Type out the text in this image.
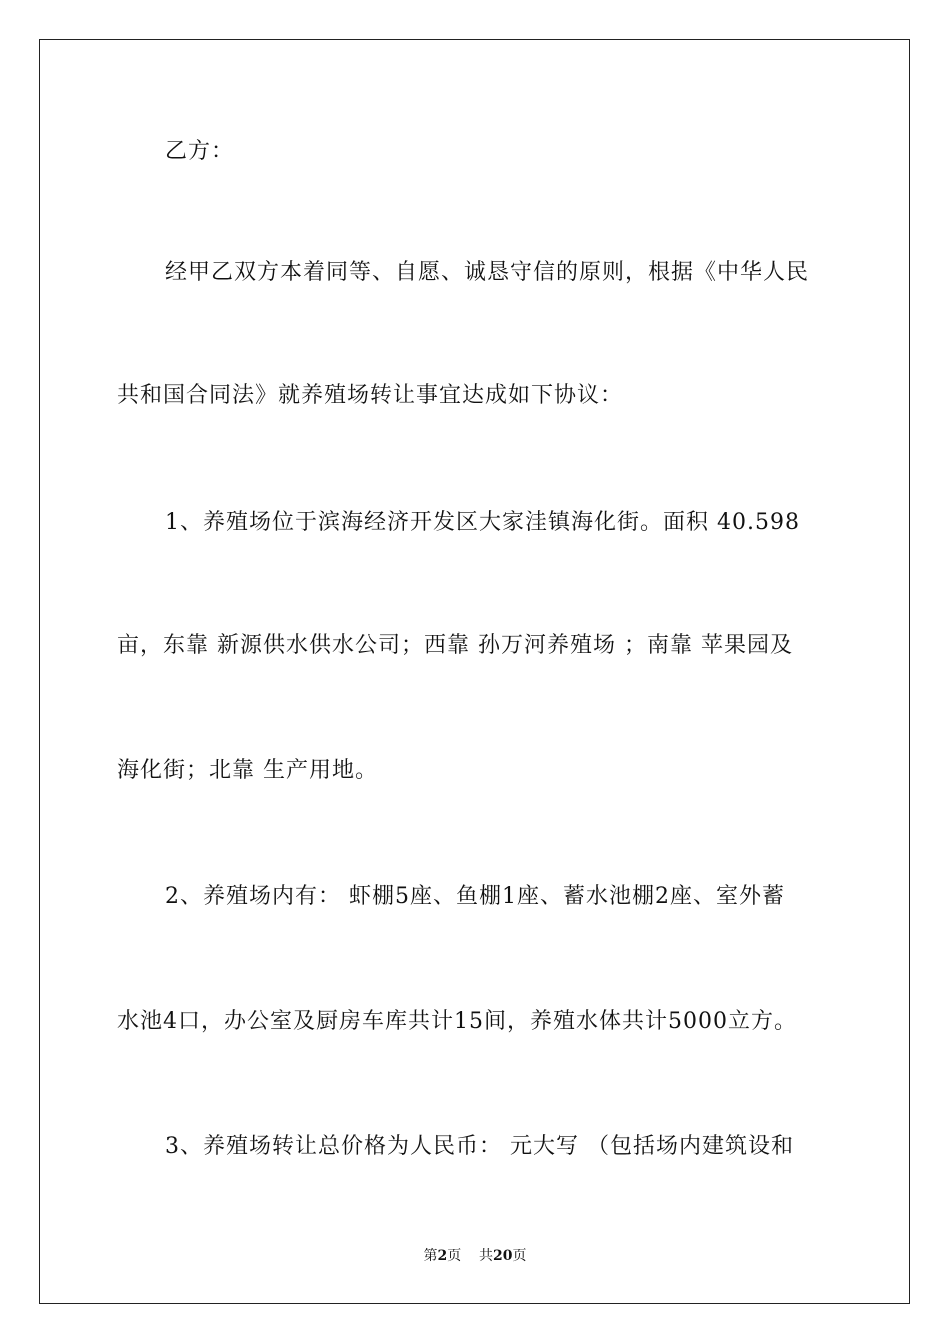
乙方：
经甲乙双方本着同等、自愿、诚恳守信的原则，根据《中华人民
共和国合同法》就养殖场转让事宜达成如下协议：
1、养殖场位于滨海经济开发区大家洼镇海化街。面积 40.598
亩，东靠 新源供水供水公司；西靠 孙万河养殖场 ；南靠 苹果园及
海化街；北靠 生产用地。
2、养殖场内有： 虾棚5座、鱼棚1座、蓄水池棚2座、室外蓄
水池4口，办公室及厨房车库共计15间，养殖水体共计5000立方。
3、养殖场转让总价格为人民币： 元大写 （包括场内建筑设和
第2页 共20页
